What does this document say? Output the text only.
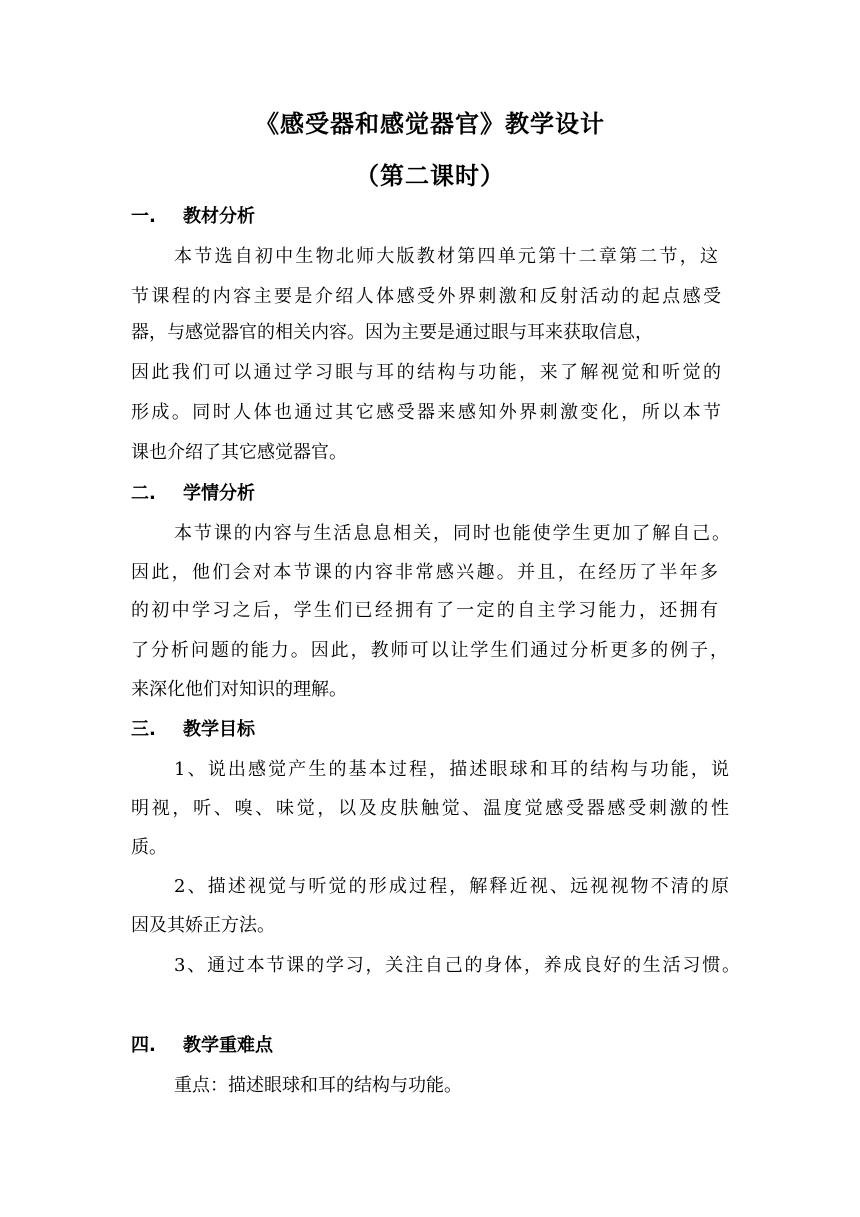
《感受器和感觉器官》教学设计
（第二课时）
一. 教材分析
本节选自初中生物北师大版教材第四单元第十二章第二节，这
节课程的内容主要是介绍人体感受外界刺激和反射活动的起点感受
器，与感觉器官的相关内容。因为主要是通过眼与耳来获取信息，
因此我们可以通过学习眼与耳的结构与功能，来了解视觉和听觉的
形成。同时人体也通过其它感受器来感知外界刺激变化，所以本节
课也介绍了其它感觉器官。
二. 学情分析
本节课的内容与生活息息相关，同时也能使学生更加了解自己。
因此，他们会对本节课的内容非常感兴趣。并且，在经历了半年多
的初中学习之后，学生们已经拥有了一定的自主学习能力，还拥有
了分析问题的能力。因此，教师可以让学生们通过分析更多的例子，
来深化他们对知识的理解。
三. 教学目标
1、说出感觉产生的基本过程，描述眼球和耳的结构与功能，说
明视，听、嗅、味觉，以及皮肤触觉、温度觉感受器感受刺激的性
质。
2、描述视觉与听觉的形成过程，解释近视、远视视物不清的原
因及其娇正方法。
3、通过本节课的学习，关注自己的身体，养成良好的生活习惯。
四. 教学重难点
重点：描述眼球和耳的结构与功能。
